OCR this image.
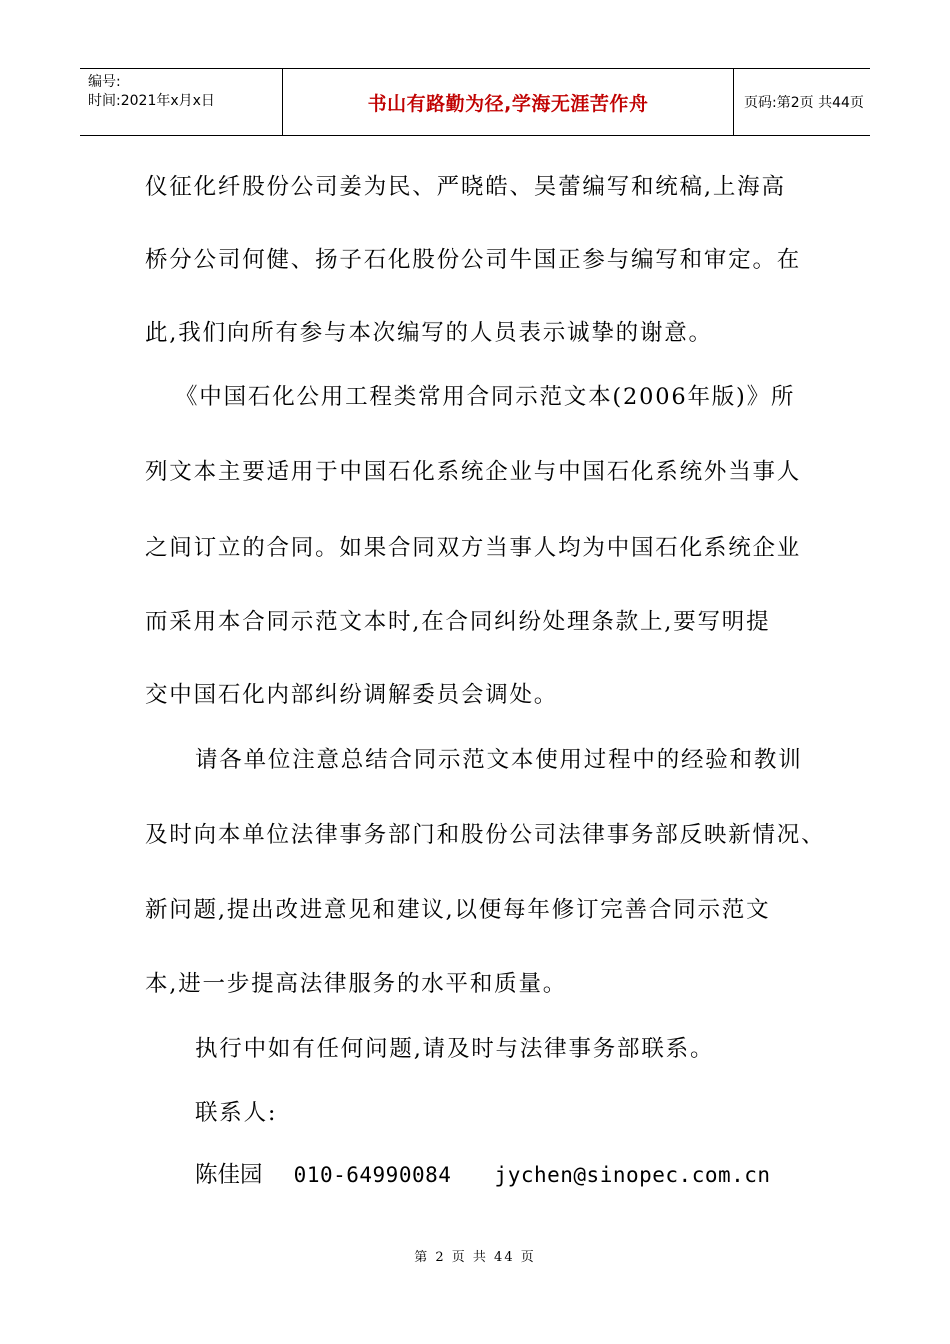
编号:
时间:2021年x月x日	书山有路勤为径,学海无涯苦作舟	页码:第2页 共44页
仪征化纤股份公司姜为民、严晓皓、吴蕾编写和统稿,上海高
桥分公司何健、扬子石化股份公司牛国正参与编写和审定。在
此,我们向所有参与本次编写的人员表示诚挚的谢意。
《中国石化公用工程类常用合同示范文本(2006年版)》所
列文本主要适用于中国石化系统企业与中国石化系统外当事人
之间订立的合同。如果合同双方当事人均为中国石化系统企业
而采用本合同示范文本时,在合同纠纷处理条款上,要写明提
交中国石化内部纠纷调解委员会调处。
请各单位注意总结合同示范文本使用过程中的经验和教训
及时向本单位法律事务部门和股份公司法律事务部反映新情况、
新问题,提出改进意见和建议,以便每年修订完善合同示范文
本,进一步提高法律服务的水平和质量。
执行中如有任何问题,请及时与法律事务部联系。
联系人:
陈佳园 010-64990084 jychen@sinopec.com.cn
第 2 页 共 44 页
